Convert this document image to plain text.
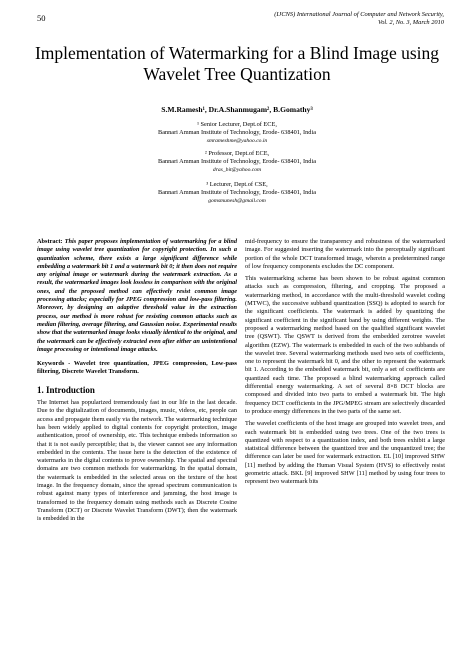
50	(IJCNS) International Journal of Computer and Network Security,
Vol. 2, No. 3, March 2010
Implementation of Watermarking for a Blind Image using Wavelet Tree Quantization
S.M.Ramesh¹, Dr.A.Shanmugam², B.Gomathy³
¹ Senior Lecturer, Dept.of ECE,
Bannari Amman Institute of Technology, Erode- 638401, India
smrameshme@yahoo.co.in
² Professor, Dept.of ECE,
Bannari Amman Institute of Technology, Erode- 638401, India
dras_bit@yahoo.com
³ Lecturer, Dept.of CSE,
Bannari Amman Institute of Technology, Erode- 638401, India
gomsmunesh@gmail.com

Abstract: This paper proposes implementation of watermarking for a blind image using wavelet tree quantization for copyright protection. In such a quantization scheme, there exists a large significant difference while embedding a watermark bit 1 and a watermark bit 0; it then does not require any original image or watermark during the watermark extraction. As a result, the watermarked images look lossless in comparison with the original ones, and the proposed method can effectively resist common image processing attacks; especially for JPEG compression and low-pass filtering. Moreover, by designing an adaptive threshold value in the extraction process, our method is more robust for resisting common attacks such as median filtering, average filtering, and Gaussian noise. Experimental results show that the watermarked image looks visually identical to the original, and the watermark can be effectively extracted even after either an unintentional image processing or intentional image attacks.

Keywords - Wavelet tree quantization, JPEG compression, Low-pass filtering, Discrete Wavelet Transform.
1. Introduction

The Internet has popularized tremendously fast in our life in the last decade. Due to the digitalization of documents, images, music, videos, etc, people can access and propagate them easily via the network. The watermarking technique has been widely applied to digital contents for copyright protection, image authentication, proof of ownership, etc. This technique embeds information so that it is not easily perceptible; that is, the viewer cannot see any information embedded in the contents. The issue here is the detection of the existence of watermarks in the digital contents to prove ownership. The spatial and spectral domains are two common methods for watermarking. In the spatial domain, the watermark is embedded in the selected areas on the texture of the host image. In the frequency domain, since the spread spectrum communication is robust against many types of interference and jamming, the host image is transformed to the frequency domain using methods such as Discrete Cosine Transform (DCT) or Discrete Wavelet Transform (DWT); then the watermark is embedded in the

mid-frequency to ensure the transparency and robustness of the watermarked image. For suggested inserting the watermark into the perceptually significant portion of the whole DCT transformed image, wherein a predetermined range of low frequency components excludes the DC component.

This watermarking scheme has been shown to be robust against common attacks such as compression, filtering, and cropping. The proposed a watermarking method, in accordance with the multi-threshold wavelet coding (MTWC), the successive subband quantization (SSQ) is adopted to search for the significant coefficients. The watermark is added by quantizing the significant coefficient in the significant band by using different weights. The proposed a watermarking method based on the qualified significant wavelet tree (QSWT). The QSWT is derived from the embedded zerotree wavelet algorithm (EZW). The watermark is embedded in each of the two subbands of the wavelet tree. Several watermarking methods used two sets of coefficients, one to represent the watermark bit 0, and the other to represent the watermark bit 1. According to the embedded watermark bit, only a set of coefficients are quantized each time. The proposed a blind watermarking approach called differential energy watermarking. A set of several 8×8 DCT blocks are composed and divided into two parts to embed a watermark bit. The high frequency DCT coefficients in the JPG/MPEG stream are selectively discarded to produce energy differences in the two parts of the same set.

The wavelet coefficients of the host image are grouped into wavelet trees, and each watermark bit is embedded using two trees. One of the two trees is quantized with respect to a quantization index, and both trees exhibit a large statistical difference between the quantized tree and the unquantized tree; the difference can later be used for watermark extraction. EL [10] improved SHW [11] method by adding the Human Visual System (HVS) to effectively resist geometric attack. BKL [9] improved SHW [11] method by using four trees to represent two watermark bits
